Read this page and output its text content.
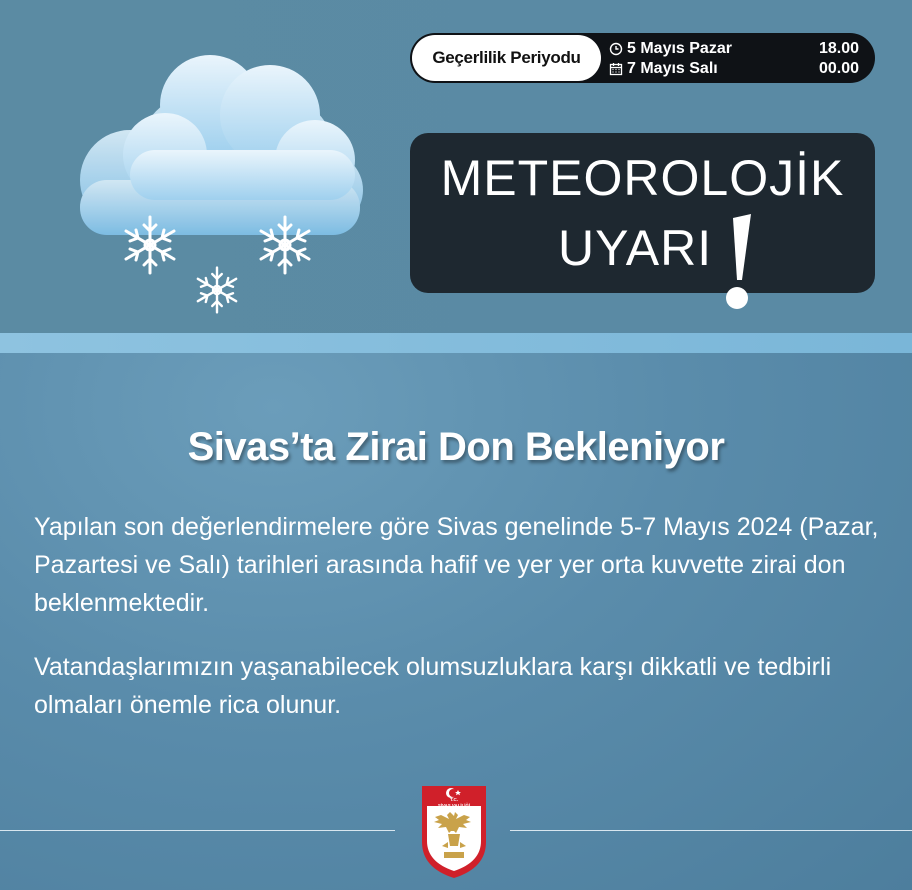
Geçerlilik Periyodu	5 Mayıs Pazar	18.00
7 Mayıs Salı	00.00
METEOROLOJİK
UYARI
Sivas’ta Zirai Don Bekleniyor
Yapılan son değerlendirmelere göre Sivas genelinde 5-7 Mayıs 2024 (Pazar, Pazartesi ve Salı) tarihleri arasında hafif ve yer yer orta kuvvette zirai don beklenmektedir.
Vatandaşlarımızın yaşanabilecek olumsuzluklara karşı dikkatli ve tedbirli olmaları önemle rica olunur.
T.C.
SİVAS VALİLİĞİ
